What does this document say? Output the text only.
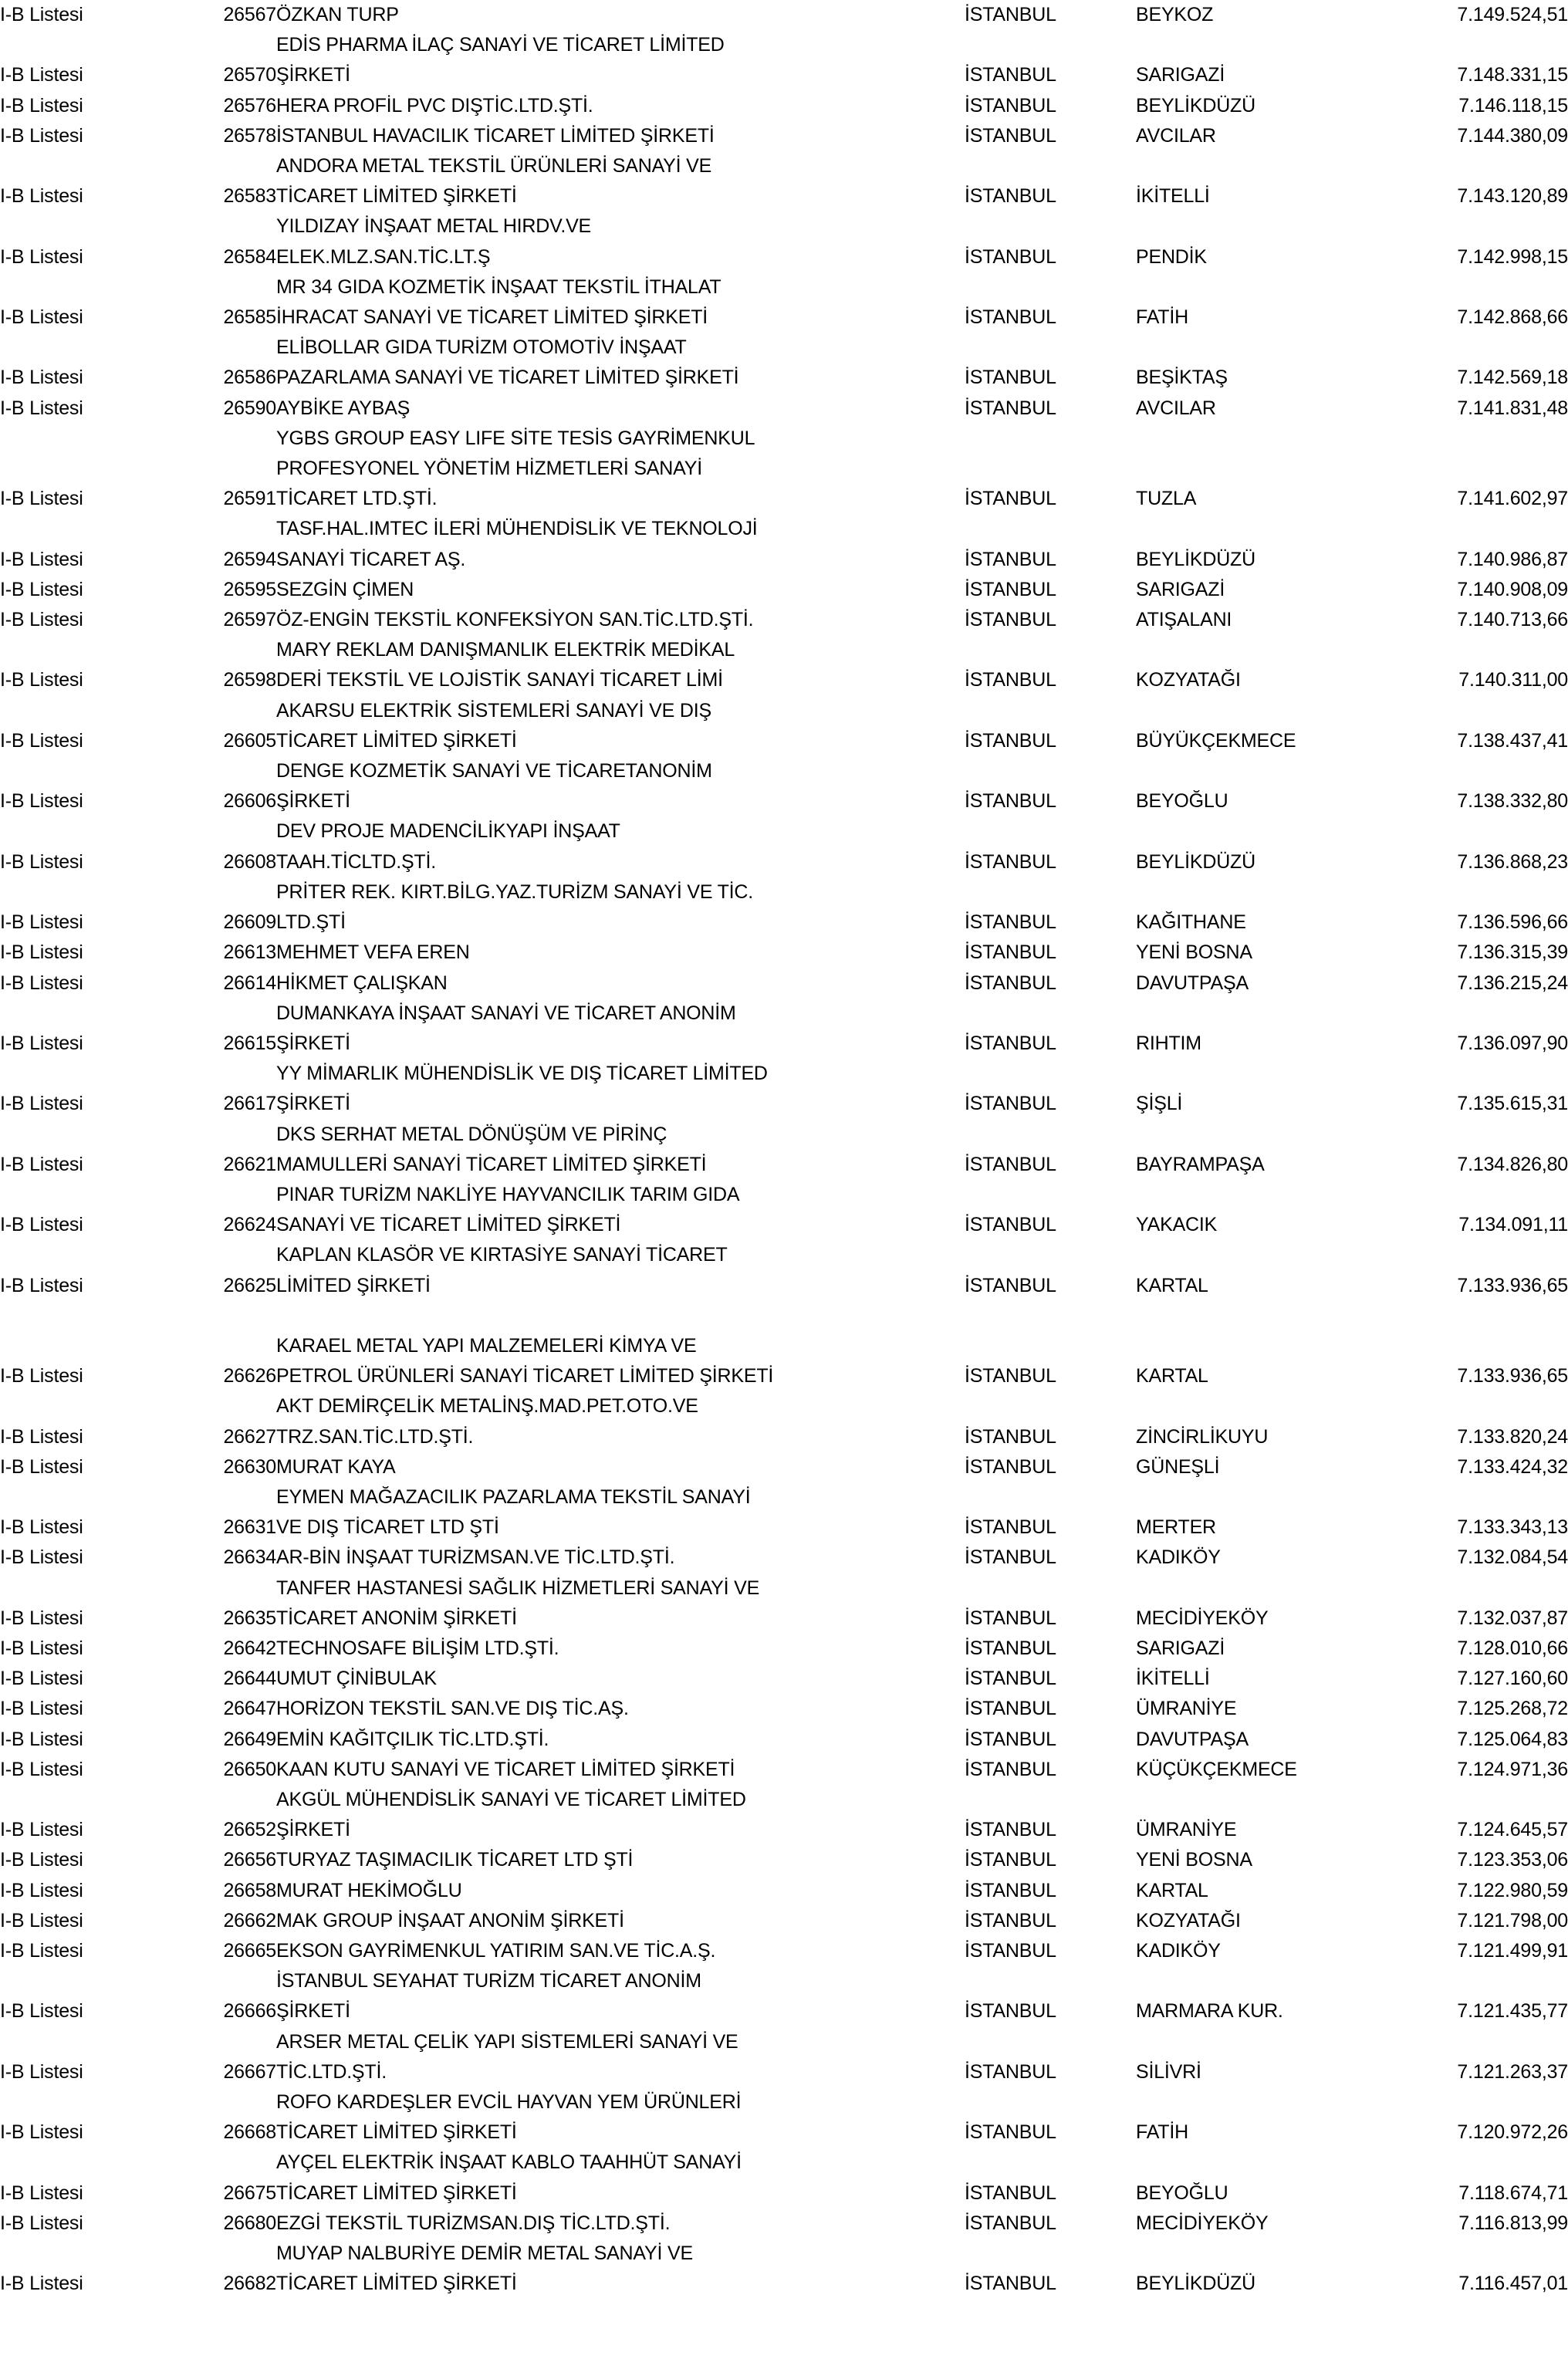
I-B Listesi	26567	ÖZKAN TURP	İSTANBUL	BEYKOZ	7.149.524,51

I-B Listesi	26570	EDİS PHARMA İLAÇ SANAYİ VE TİCARET LİMİTED
ŞİRKETİ	İSTANBUL	SARIGAZİ	7.148.331,15
I-B Listesi	26576	HERA PROFİL PVC DIŞTİC.LTD.ŞTİ.	İSTANBUL	BEYLİKDÜZÜ	7.146.118,15
I-B Listesi	26578	İSTANBUL HAVACILIK TİCARET LİMİTED ŞİRKETİ	İSTANBUL	AVCILAR	7.144.380,09

I-B Listesi	26583	ANDORA METAL TEKSTİL ÜRÜNLERİ SANAYİ VE
TİCARET LİMİTED ŞİRKETİ	İSTANBUL	İKİTELLİ	7.143.120,89

I-B Listesi	26584	YILDIZAY İNŞAAT METAL HIRDV.VE
ELEK.MLZ.SAN.TİC.LT.Ş	İSTANBUL	PENDİK	7.142.998,15

I-B Listesi	26585	MR 34 GIDA KOZMETİK İNŞAAT TEKSTİL İTHALAT
İHRACAT SANAYİ VE TİCARET LİMİTED ŞİRKETİ	İSTANBUL	FATİH	7.142.868,66

I-B Listesi	26586	ELİBOLLAR GIDA TURİZM OTOMOTİV İNŞAAT
PAZARLAMA SANAYİ VE TİCARET LİMİTED ŞİRKETİ	İSTANBUL	BEŞİKTAŞ	7.142.569,18
I-B Listesi	26590	AYBİKE AYBAŞ	İSTANBUL	AVCILAR	7.141.831,48

I-B Listesi	26591	YGBS GROUP EASY LIFE SİTE TESİS GAYRİMENKUL
PROFESYONEL YÖNETİM HİZMETLERİ SANAYİ
TİCARET LTD.ŞTİ.	İSTANBUL	TUZLA	7.141.602,97

I-B Listesi	26594	TASF.HAL.IMTEC İLERİ MÜHENDİSLİK VE TEKNOLOJİ
SANAYİ TİCARET AŞ.	İSTANBUL	BEYLİKDÜZÜ	7.140.986,87
I-B Listesi	26595	SEZGİN ÇİMEN	İSTANBUL	SARIGAZİ	7.140.908,09
I-B Listesi	26597	ÖZ-ENGİN TEKSTİL KONFEKSİYON SAN.TİC.LTD.ŞTİ.	İSTANBUL	ATIŞALANI	7.140.713,66

I-B Listesi	26598	MARY REKLAM DANIŞMANLIK ELEKTRİK MEDİKAL
DERİ TEKSTİL VE LOJİSTİK SANAYİ TİCARET LİMİ	İSTANBUL	KOZYATAĞI	7.140.311,00

I-B Listesi	26605	AKARSU ELEKTRİK SİSTEMLERİ SANAYİ VE DIŞ
TİCARET LİMİTED ŞİRKETİ	İSTANBUL	BÜYÜKÇEKMECE	7.138.437,41

I-B Listesi	26606	DENGE KOZMETİK SANAYİ VE TİCARETANONİM
ŞİRKETİ	İSTANBUL	BEYOĞLU	7.138.332,80

I-B Listesi	26608	DEV PROJE MADENCİLİKYAPI İNŞAAT
TAAH.TİCLTD.ŞTİ.	İSTANBUL	BEYLİKDÜZÜ	7.136.868,23

I-B Listesi	26609	PRİTER REK. KIRT.BİLG.YAZ.TURİZM SANAYİ VE TİC.
LTD.ŞTİ	İSTANBUL	KAĞITHANE	7.136.596,66
I-B Listesi	26613	MEHMET VEFA EREN	İSTANBUL	YENİ BOSNA	7.136.315,39
I-B Listesi	26614	HİKMET ÇALIŞKAN	İSTANBUL	DAVUTPAŞA	7.136.215,24

I-B Listesi	26615	DUMANKAYA İNŞAAT SANAYİ VE TİCARET ANONİM
ŞİRKETİ	İSTANBUL	RIHTIM	7.136.097,90

I-B Listesi	26617	YY MİMARLIK MÜHENDİSLİK VE DIŞ TİCARET LİMİTED
ŞİRKETİ	İSTANBUL	ŞİŞLİ	7.135.615,31

I-B Listesi	26621	DKS SERHAT METAL DÖNÜŞÜM VE PİRİNÇ
MAMULLERİ SANAYİ TİCARET LİMİTED ŞİRKETİ	İSTANBUL	BAYRAMPAŞA	7.134.826,80

I-B Listesi	26624	PINAR TURİZM NAKLİYE HAYVANCILIK TARIM GIDA
SANAYİ VE TİCARET LİMİTED ŞİRKETİ	İSTANBUL	YAKACIK	7.134.091,11

I-B Listesi	26625	KAPLAN KLASÖR VE KIRTASİYE SANAYİ TİCARET
LİMİTED ŞİRKETİ	İSTANBUL	KARTAL	7.133.936,65

I-B Listesi	26626	KARAEL METAL YAPI MALZEMELERİ KİMYA VE
PETROL ÜRÜNLERİ SANAYİ TİCARET LİMİTED ŞİRKETİ	İSTANBUL	KARTAL	7.133.936,65

I-B Listesi	26627	AKT DEMİRÇELİK METALİNŞ.MAD.PET.OTO.VE
TRZ.SAN.TİC.LTD.ŞTİ.	İSTANBUL	ZİNCİRLİKUYU	7.133.820,24
I-B Listesi	26630	MURAT KAYA	İSTANBUL	GÜNEŞLİ	7.133.424,32

I-B Listesi	26631	EYMEN MAĞAZACILIK PAZARLAMA TEKSTİL SANAYİ
VE DIŞ TİCARET LTD ŞTİ	İSTANBUL	MERTER	7.133.343,13
I-B Listesi	26634	AR-BİN İNŞAAT TURİZMSAN.VE TİC.LTD.ŞTİ.	İSTANBUL	KADIKÖY	7.132.084,54

I-B Listesi	26635	TANFER HASTANESİ SAĞLIK HİZMETLERİ SANAYİ VE
TİCARET ANONİM ŞİRKETİ	İSTANBUL	MECİDİYEKÖY	7.132.037,87
I-B Listesi	26642	TECHNOSAFE BİLİŞİM LTD.ŞTİ.	İSTANBUL	SARIGAZİ	7.128.010,66
I-B Listesi	26644	UMUT ÇİNİBULAK	İSTANBUL	İKİTELLİ	7.127.160,60
I-B Listesi	26647	HORİZON TEKSTİL SAN.VE DIŞ TİC.AŞ.	İSTANBUL	ÜMRANİYE	7.125.268,72
I-B Listesi	26649	EMİN KAĞITÇILIK TİC.LTD.ŞTİ.	İSTANBUL	DAVUTPAŞA	7.125.064,83
I-B Listesi	26650	KAAN KUTU SANAYİ VE TİCARET LİMİTED ŞİRKETİ	İSTANBUL	KÜÇÜKÇEKMECE	7.124.971,36

I-B Listesi	26652	AKGÜL MÜHENDİSLİK SANAYİ VE TİCARET LİMİTED
ŞİRKETİ	İSTANBUL	ÜMRANİYE	7.124.645,57
I-B Listesi	26656	TURYAZ TAŞIMACILIK TİCARET LTD ŞTİ	İSTANBUL	YENİ BOSNA	7.123.353,06
I-B Listesi	26658	MURAT HEKİMOĞLU	İSTANBUL	KARTAL	7.122.980,59
I-B Listesi	26662	MAK GROUP İNŞAAT ANONİM ŞİRKETİ	İSTANBUL	KOZYATAĞI	7.121.798,00
I-B Listesi	26665	EKSON GAYRİMENKUL YATIRIM SAN.VE TİC.A.Ş.	İSTANBUL	KADIKÖY	7.121.499,91

I-B Listesi	26666	İSTANBUL SEYAHAT TURİZM TİCARET ANONİM
ŞİRKETİ	İSTANBUL	MARMARA KUR.	7.121.435,77

I-B Listesi	26667	ARSER METAL ÇELİK YAPI SİSTEMLERİ SANAYİ VE
TİC.LTD.ŞTİ.	İSTANBUL	SİLİVRİ	7.121.263,37

I-B Listesi	26668	ROFO KARDEŞLER EVCİL HAYVAN YEM ÜRÜNLERİ
TİCARET LİMİTED ŞİRKETİ	İSTANBUL	FATİH	7.120.972,26

I-B Listesi	26675	AYÇEL ELEKTRİK İNŞAAT KABLO TAAHHÜT SANAYİ
TİCARET LİMİTED ŞİRKETİ	İSTANBUL	BEYOĞLU	7.118.674,71
I-B Listesi	26680	EZGİ TEKSTİL TURİZMSAN.DIŞ TİC.LTD.ŞTİ.	İSTANBUL	MECİDİYEKÖY	7.116.813,99

I-B Listesi	26682	MUYAP NALBURİYE DEMİR METAL SANAYİ VE
TİCARET LİMİTED ŞİRKETİ	İSTANBUL	BEYLİKDÜZÜ	7.116.457,01
